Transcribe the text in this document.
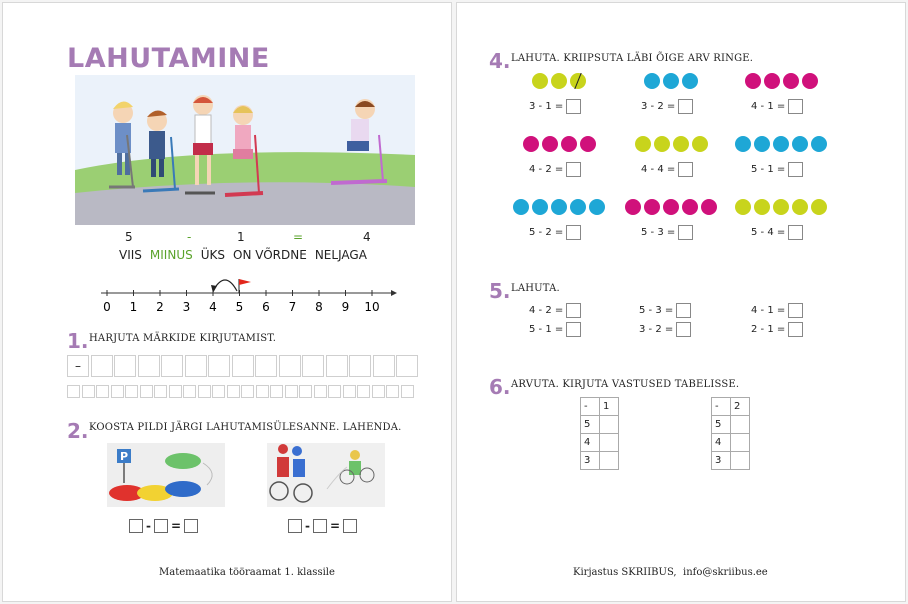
LAHUTAMINE
5	-	1	=	4
VIIS MIINUS ÜKS ON VÕRDNE NELJAGA
0 1 2 3 4 5 6 7 8 9 10
1. HARJUTA MÄRKIDE KIRJUTAMIST.
–
2. KOOSTA PILDI JÄRGI LAHUTAMISÜLESANNE. LAHENDA.
P
- =	- =
Matemaatika tööraamat 1. klassile
4. LAHUTA. KRIIPSUTA LÄBI ÕIGE ARV RINGE.
3 - 1 =	3 - 2 =	4 - 1 =
4 - 2 =	4 - 4 =	5 - 1 =
5 - 2 =	5 - 3 =	5 - 4 =
5. LAHUTA.
4 - 2 =	5 - 3 =	4 - 1 =
5 - 1 =	3 - 2 =	2 - 1 =
6. ARVUTA. KIRJUTA VASTUSED TABELISSE.
-	1
5	
4	
3	
-	2
5	
4	
3	
Kirjastus SKRIIBUS, info@skriibus.ee
